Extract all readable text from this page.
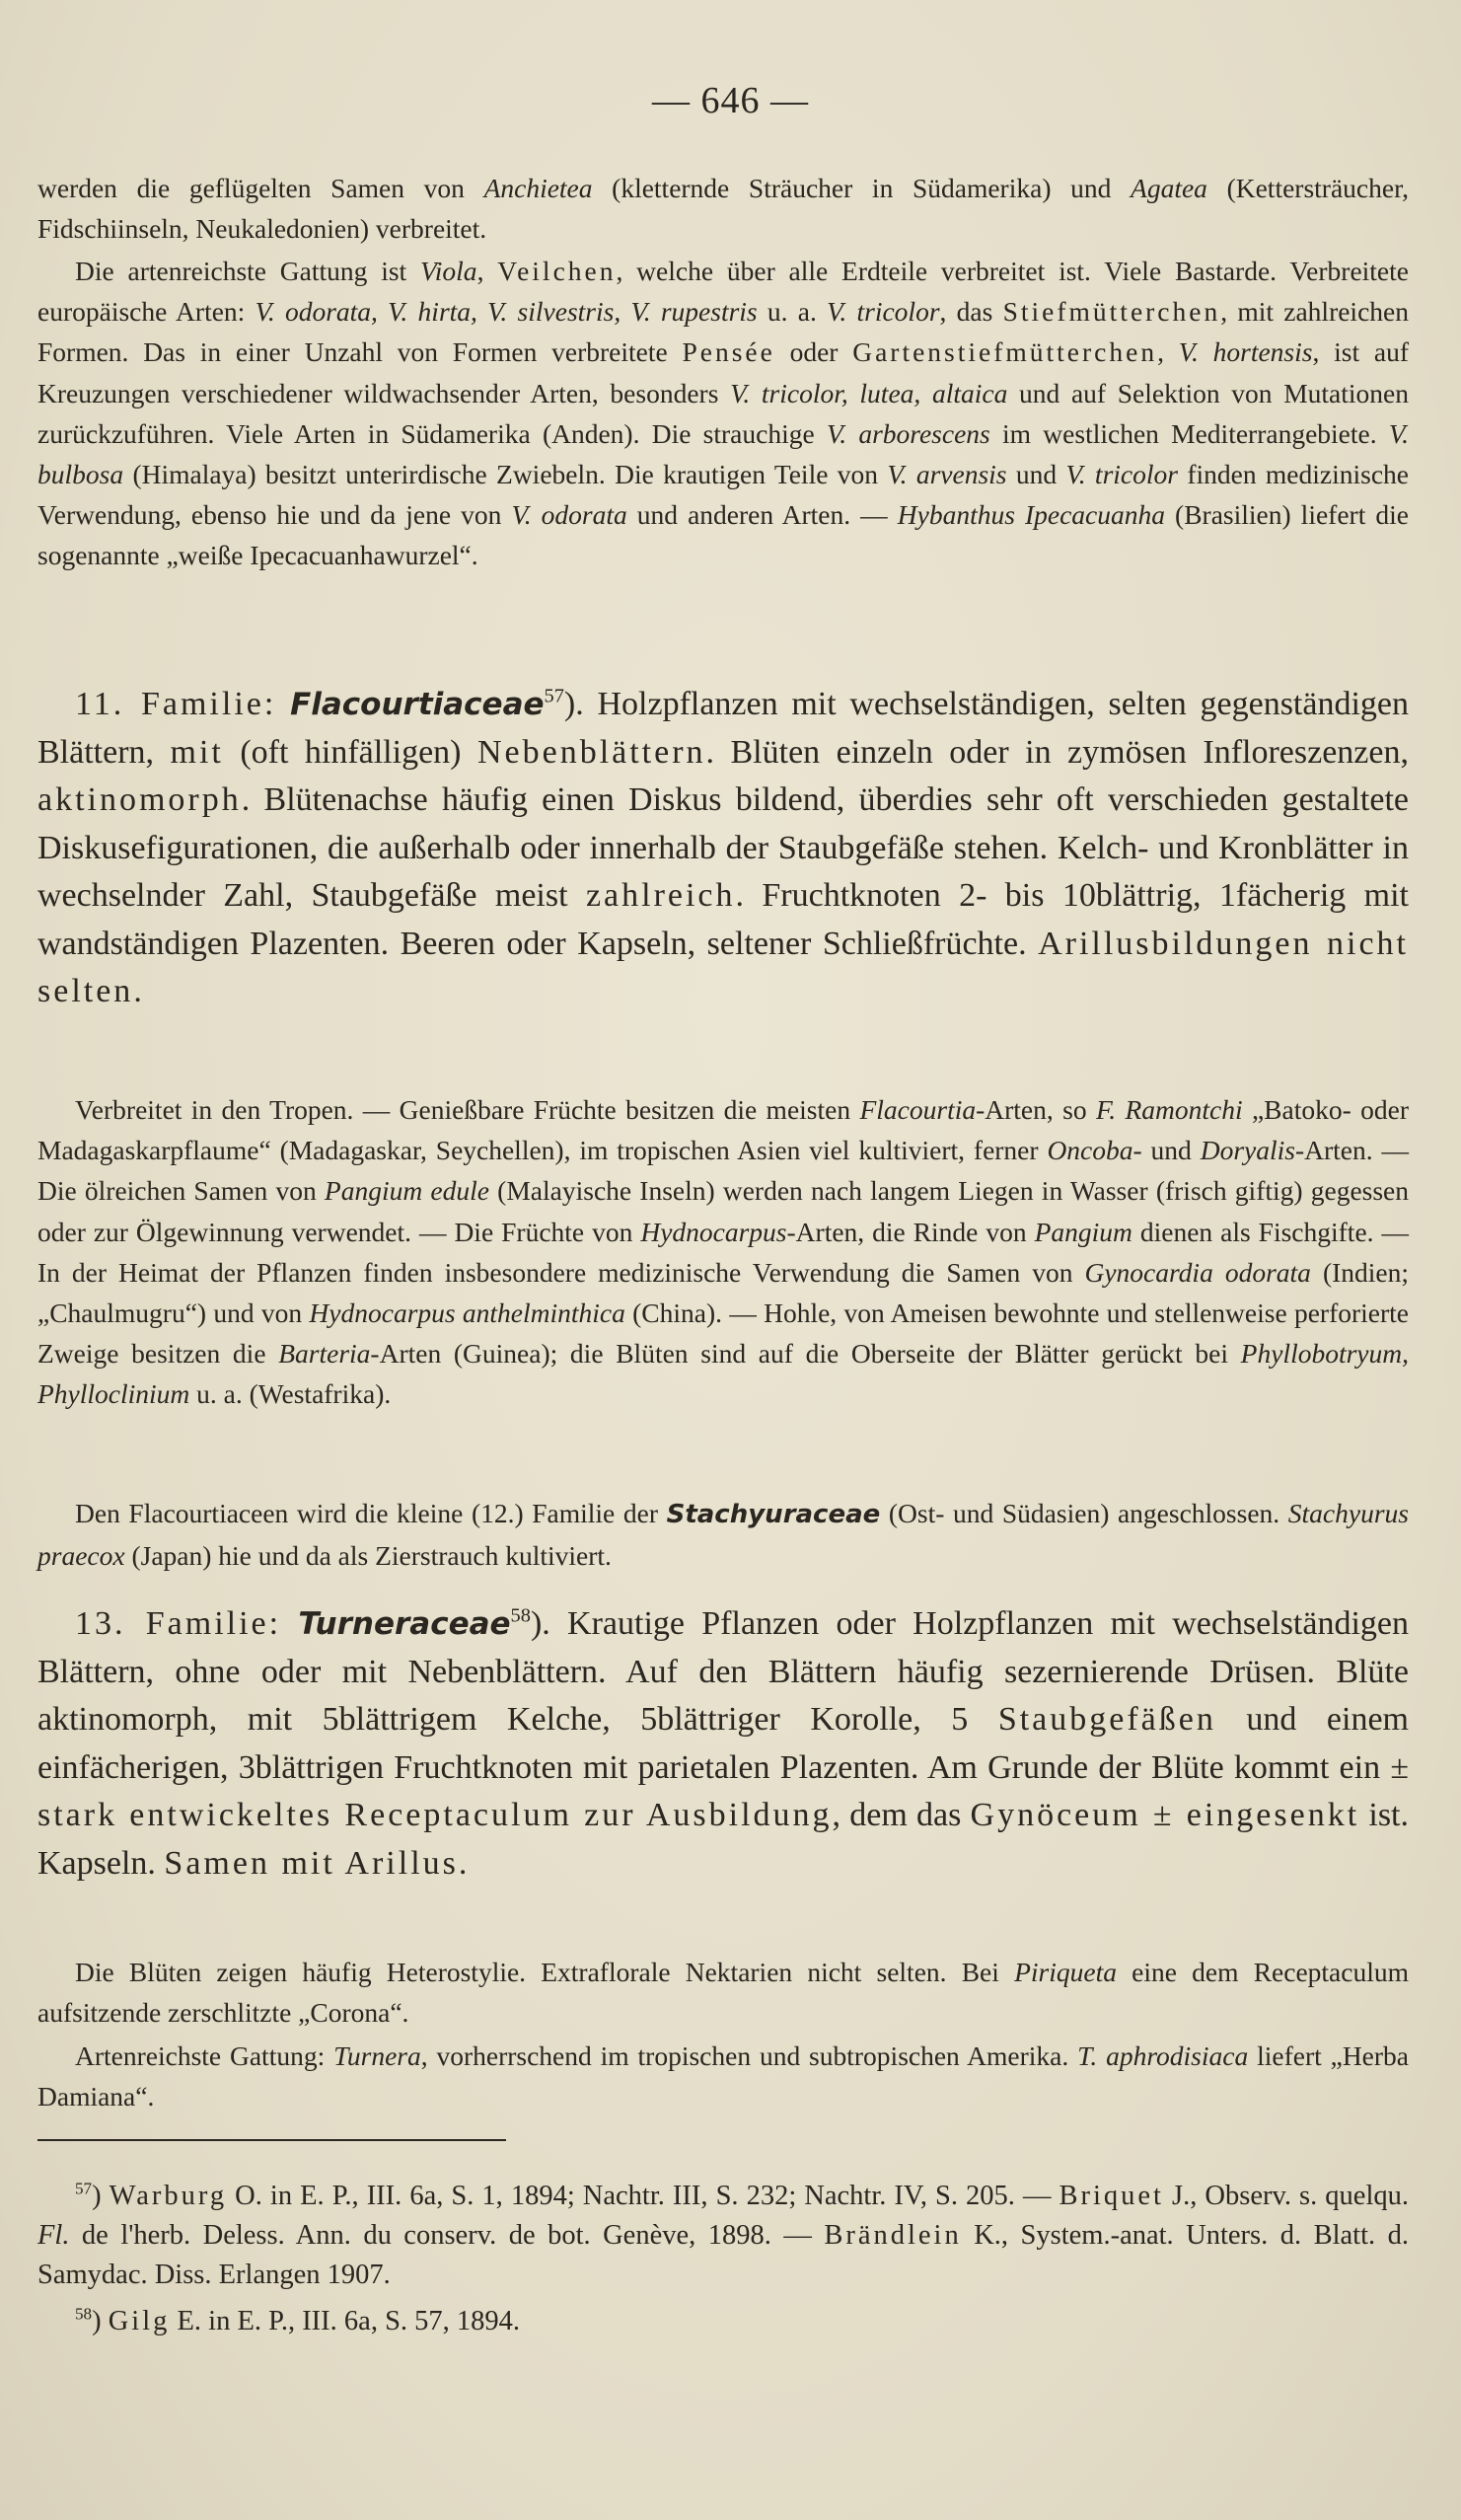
— 646 —

werden die geflügelten Samen von Anchietea (kletternde Sträucher in Südamerika) und Agatea (Kettersträucher, Fidschiinseln, Neukaledonien) verbreitet.

Die artenreichste Gattung ist Viola, Veilchen, welche über alle Erdteile verbreitet ist. Viele Bastarde. Verbreitete europäische Arten: V. odorata, V. hirta, V. silvestris, V. rupestris u. a. V. tricolor, das Stiefmütterchen, mit zahlreichen Formen. Das in einer Unzahl von Formen verbreitete Pensée oder Gartenstiefmütterchen, V. hortensis, ist auf Kreuzungen verschiedener wildwachsender Arten, besonders V. tricolor, lutea, altaica und auf Selektion von Mutationen zurückzuführen. Viele Arten in Südamerika (Anden). Die strauchige V. arborescens im westlichen Mediterrangebiete. V. bulbosa (Himalaya) besitzt unterirdische Zwiebeln. Die krautigen Teile von V. arvensis und V. tricolor finden medizinische Verwendung, ebenso hie und da jene von V. odorata und anderen Arten. — Hybanthus Ipecacuanha (Brasilien) liefert die sogenannte „weiße Ipecacuanhawurzel“.

11. Familie: Flacourtiaceae$^{57}$). Holzpflanzen mit wechselständigen, selten gegenständigen Blättern, mit (oft hinfälligen) Nebenblättern. Blüten einzeln oder in zymösen Infloreszenzen, aktinomorph. Blütenachse häufig einen Diskus bildend, überdies sehr oft verschieden gestaltete Diskusefigurationen, die außerhalb oder innerhalb der Staubgefäße stehen. Kelch- und Kronblätter in wechselnder Zahl, Staubgefäße meist zahlreich. Fruchtknoten 2- bis 10blättrig, 1fächerig mit wandständigen Plazenten. Beeren oder Kapseln, seltener Schließfrüchte. Arillusbildungen nicht selten.

Verbreitet in den Tropen. — Genießbare Früchte besitzen die meisten Flacourtia-Arten, so F. Ramontchi „Batoko- oder Madagaskarpflaume“ (Madagaskar, Seychellen), im tropischen Asien viel kultiviert, ferner Oncoba- und Doryalis-Arten. — Die ölreichen Samen von Pangium edule (Malayische Inseln) werden nach langem Liegen in Wasser (frisch giftig) gegessen oder zur Ölgewinnung verwendet. — Die Früchte von Hydnocarpus-Arten, die Rinde von Pangium dienen als Fischgifte. — In der Heimat der Pflanzen finden insbesondere medizinische Verwendung die Samen von Gynocardia odorata (Indien; „Chaulmugru“) und von Hydnocarpus anthelminthica (China). — Hohle, von Ameisen bewohnte und stellenweise perforierte Zweige besitzen die Barteria-Arten (Guinea); die Blüten sind auf die Oberseite der Blätter gerückt bei Phyllobotryum, Phylloclinium u. a. (Westafrika).

Den Flacourtiaceen wird die kleine (12.) Familie der Stachyuraceae (Ost- und Südasien) angeschlossen. Stachyurus praecox (Japan) hie und da als Zierstrauch kultiviert.

13. Familie: Turneraceae$^{58}$). Krautige Pflanzen oder Holzpflanzen mit wechselständigen Blättern, ohne oder mit Nebenblättern. Auf den Blättern häufig sezernierende Drüsen. Blüte aktinomorph, mit 5blättrigem Kelche, 5blättriger Korolle, 5 Staubgefäßen und einem einfächerigen, 3blättrigen Fruchtknoten mit parietalen Plazenten. Am Grunde der Blüte kommt ein ± stark entwickeltes Receptaculum zur Ausbildung, dem das Gynöceum ± eingesenkt ist. Kapseln. Samen mit Arillus.

Die Blüten zeigen häufig Heterostylie. Extraflorale Nektarien nicht selten. Bei Piriqueta eine dem Receptaculum aufsitzende zerschlitzte „Corona“.

Artenreichste Gattung: Turnera, vorherrschend im tropischen und subtropischen Amerika. T. aphrodisiaca liefert „Herba Damiana“.

$^{57}$) Warburg O. in E. P., III. 6a, S. 1, 1894; Nachtr. III, S. 232; Nachtr. IV, S. 205. — Briquet J., Observ. s. quelqu. Fl. de l'herb. Deless. Ann. du conserv. de bot. Genève, 1898. — Brändlein K., System.-anat. Unters. d. Blatt. d. Samydac. Diss. Erlangen 1907.

$^{58}$) Gilg E. in E. P., III. 6a, S. 57, 1894.
